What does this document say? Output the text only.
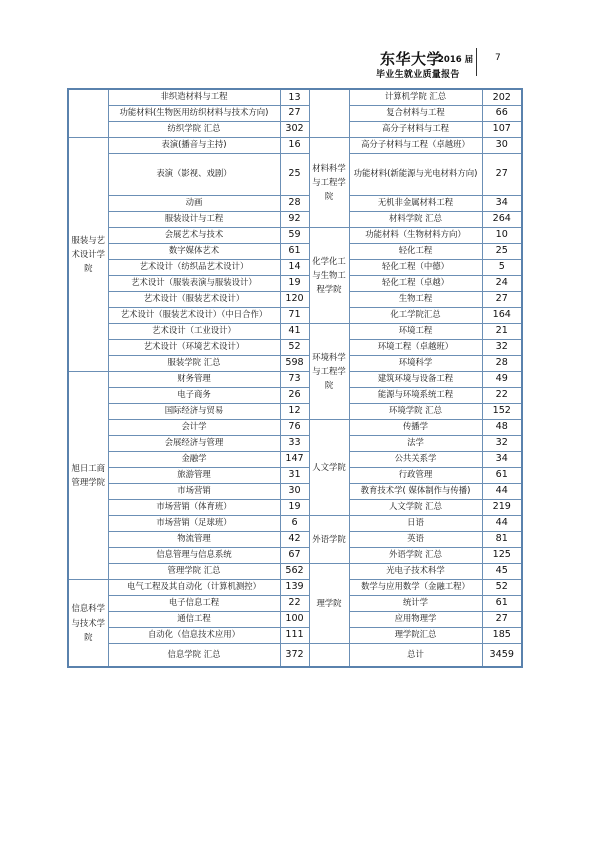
东华大学
2016 届
毕业生就业质量报告
7
	非织造材料与工程	13		计算机学院 汇总	202
	功能材料(生物医用纺织材料与技术方向)	27		复合材料与工程	66
	纺织学院 汇总	302		高分子材料与工程	107
服装与艺术设计学院	表演(播音与主持)	16	材料科学与工程学院	高分子材料与工程（卓越班）	30
	表演（影视、戏剧）	25		功能材料(新能源与光电材料方向)	27

	动画	28		无机非金属材料工程	34
	服装设计与工程	92		材料学院 汇总	264
	会展艺术与技术	59	化学化工与生物工程学院	功能材料（生物材料方向）	10
	数字媒体艺术	61		轻化工程	25
	艺术设计（纺织品艺术设计）	14		轻化工程（中德）	5
	艺术设计（服装表演与服装设计）	19		轻化工程（卓越）	24
	艺术设计（服装艺术设计）	120		生物工程	27
	艺术设计（服装艺术设计）（中日合作）	71		化工学院汇总	164
	艺术设计（工业设计）	41	环境科学与工程学院	环境工程	21
	艺术设计（环境艺术设计）	52		环境工程（卓越班）	32
	服装学院 汇总	598		环境科学	28
旭日工商管理学院	财务管理	73		建筑环境与设备工程	49
	电子商务	26		能源与环境系统工程	22
	国际经济与贸易	12		环境学院 汇总	152
	会计学	76	人文学院	传播学	48
	会展经济与管理	33		法学	32
	金融学	147		公共关系学	34
	旅游管理	31		行政管理	61
	市场营销	30		教育技术学( 媒体制作与传播)	44
	市场营销（体育班）	19		人文学院 汇总	219
	市场营销（足球班）	6	外语学院	日语	44
	物流管理	42		英语	81
	信息管理与信息系统	67		外语学院 汇总	125
	管理学院 汇总	562	理学院	光电子技术科学	45
信息科学与技术学院	电气工程及其自动化（计算机测控）	139		数学与应用数学（金融工程）	52
	电子信息工程	22		统计学	61
	通信工程	100		应用物理学	27
	自动化（信息技术应用）	111		理学院汇总	185
	信息学院 汇总	372		总计	3459
